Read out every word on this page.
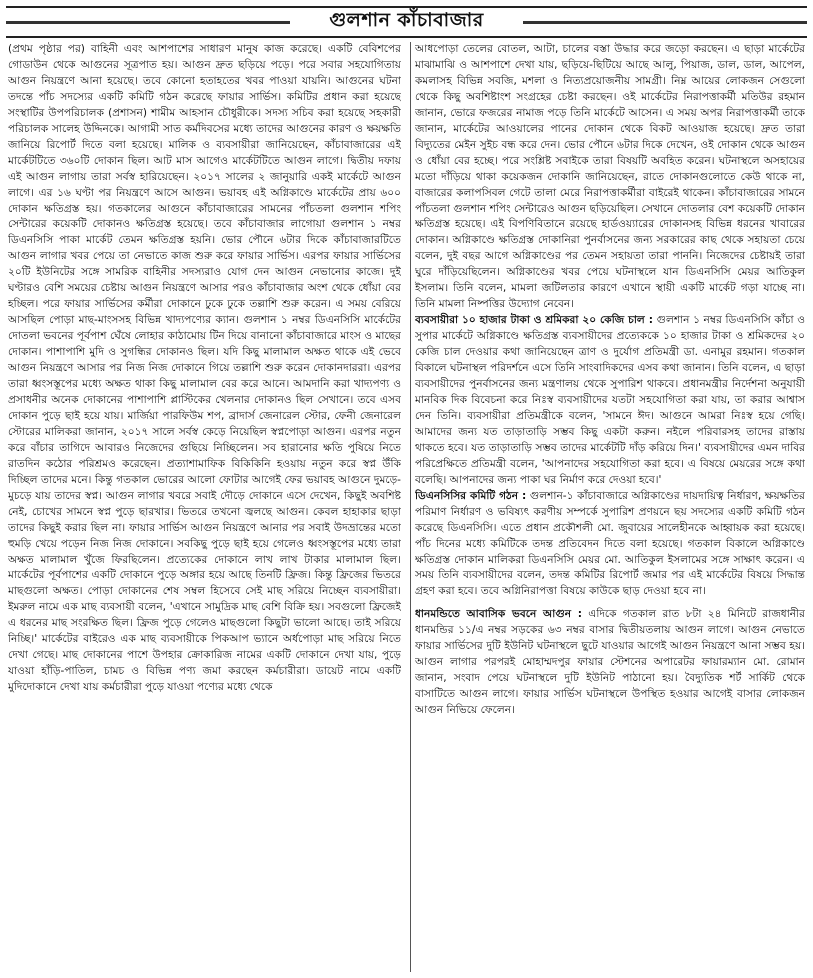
গুলশান কাঁচাবাজার

(প্রথম পৃষ্ঠার পর) বাহিনী এবং আশপাশের সাধারণ মানুষ কাজ করেছে। একটি বেবিশপের গোডাউন থেকে আগুনের সূত্রপাত হয়। আগুন দ্রুত ছড়িয়ে পড়ে। পরে সবার সহযোগিতায় আগুন নিয়ন্ত্রণে আনা হয়েছে। তবে কোনো হতাহতের খবর পাওয়া যায়নি। আগুনের ঘটনা তদন্তে পাঁচ সদস্যের একটি কমিটি গঠন করেছে ফায়ার সার্ভিস। কমিটির প্রধান করা হয়েছে সংস্থাটির উপপরিচালক (প্রশাসন) শামীম আহসান চৌধুরীকে। সদস্য সচিব করা হয়েছে সহকারী পরিচালক সালেহ উদ্দিনকে। আগামী সাত কর্মদিবসের মধ্যে তাদের আগুনের কারণ ও ক্ষয়ক্ষতি জানিয়ে রিপোর্ট দিতে বলা হয়েছে। মালিক ও ব্যবসায়ীরা জানিয়েছেন, কাঁচাবাজারের এই মার্কেটটিতে ৩৬০টি দোকান ছিল। আট মাস আগেও মার্কেটটিতে আগুন লাগে। দ্বিতীয় দফায় এই আগুন লাগায় তারা সর্বস্ব হারিয়েছেন। ২০১৭ সালের ২ জানুয়ারি একই মার্কেটে আগুন লাগে। এর ১৬ ঘণ্টা পর নিয়ন্ত্রণে আসে আগুন। ভয়াবহ এই অগ্নিকাণ্ডে মার্কেটের প্রায় ৬০০ দোকান ক্ষতিগ্রস্ত হয়। গতকালের আগুনে কাঁচাবাজারের সামনের পাঁচতলা গুলশান শপিং সেন্টারের কয়েকটি দোকানও ক্ষতিগ্রস্ত হয়েছে। তবে কাঁচাবাজার লাগোয়া গুলশান ১ নম্বর ডিএনসিসি পাকা মার্কেট তেমন ক্ষতিগ্রস্ত হয়নি। ভোর পৌনে ৬টার দিকে কাঁচাবাজারটিতে আগুন লাগার খবর পেয়ে তা নেভাতে কাজ শুরু করে ফায়ার সার্ভিস। এরপর ফায়ার সার্ভিসের ২০টি ইউনিটের সঙ্গে সামরিক বাহিনীর সদস্যরাও যোগ দেন আগুন নেভানোর কাজে। দুই ঘণ্টারও বেশি সময়ের চেষ্টায় আগুন নিয়ন্ত্রণে আসার পরও কাঁচাবাজার অংশ থেকে ধোঁয়া বের হচ্ছিল। পরে ফায়ার সার্ভিসের কর্মীরা দোকানে ঢুকে ঢুকে তল্লাশি শুরু করেন। এ সময় বেরিয়ে আসছিল পোড়া মাছ-মাংসসহ বিভিন্ন খাদ্যপণ্যের ক্যান। গুলশান ১ নম্বর ডিএনসিসি মার্কেটের দোতলা ভবনের পূর্বপাশ ঘেঁষে লোহার কাঠামোয় টিন দিয়ে বানানো কাঁচাবাজারে মাংস ও মাছের দোকান। পাশাপাশি মুদি ও সুগন্ধির দোকানও ছিল। যদি কিছু মালামাল অক্ষত থাকে এই ভেবে আগুন নিয়ন্ত্রণে আসার পর নিজ নিজ দোকানে গিয়ে তল্লাশি শুরু করেন দোকানদাররা। এরপর তারা ধ্বংসস্তূপের মধ্যে অক্ষত থাকা কিছু মালামাল বের করে আনে। আমদানি করা খাদ্যপণ্য ও প্রসাধনীর অনেক দোকানের পাশাপাশি প্লাস্টিকের খেলনার দোকানও ছিল সেখানে। তবে এসব দোকান পুড়ে ছাই হয়ে যায়। মার্জিয়া পারফিউম শপ, ব্রাদার্স জেনারেল স্টোর, ফেনী জেনারেল স্টোরের মালিকরা জানান, ২০১৭ সালে সর্বস্ব কেড়ে নিয়েছিল স্বপ্নপোড়া আগুন। এরপর নতুন করে বাঁচার তাগিদে আবারও নিজেদের গুছিয়ে নিচ্ছিলেন। সব হারানোর ক্ষতি পুষিয়ে নিতে রাতদিন কঠোর পরিশ্রমও করেছেন। প্রত্যাশামাফিক বিকিকিনি হওয়ায় নতুন করে স্বপ্ন উঁকি দিচ্ছিল তাদের মনে। কিন্তু গতকাল ভোরের আলো ফোটার আগেই ফের ভয়াবহ আগুনে দুমড়ে-মুচড়ে যায় তাদের স্বপ্ন। আগুন লাগার খবরে সবাই দৌড়ে দোকানে এসে দেখেন, কিছুই অবশিষ্ট নেই, চোখের সামনে স্বপ্ন পুড়ে ছারখার। ভিতরে তখনো জ্বলছে আগুন। কেবল হাহাকার ছাড়া তাদের কিছুই করার ছিল না। ফায়ার সার্ভিস আগুন নিয়ন্ত্রণে আনার পর সবাই উদভ্রান্তের মতো হুমড়ি খেয়ে পড়েন নিজ নিজ দোকানে। সবকিছু পুড়ে ছাই হয়ে গেলেও ধ্বংসস্তূপের মধ্যে তারা অক্ষত মালামাল খুঁজে ফিরছিলেন। প্রত্যেকের দোকানে লাখ লাখ টাকার মালামাল ছিল। মার্কেটের পূর্বপাশের একটি দোকানে পুড়ে অঙ্গার হয়ে আছে তিনটি ফ্রিজ। কিন্তু ফ্রিজের ভিতরে মাছগুলো অক্ষত। পোড়া দোকানের শেষ সম্বল হিসেবে সেই মাছ সরিয়ে নিচ্ছেন ব্যবসায়ীরা। ইমরুল নামে এক মাছ ব্যবসায়ী বলেন, 'এখানে সামুদ্রিক মাছ বেশি বিক্রি হয়। সবগুলো ফ্রিজেই এ ধরনের মাছ সংরক্ষিত ছিল। ফ্রিজ পুড়ে গেলেও মাছগুলো কিছুটা ভালো আছে। তাই সরিয়ে নিচ্ছি।' মার্কেটের বাইরেও এক মাছ ব্যবসায়ীকে পিকআপ ভ্যানে অর্ধপোড়া মাছ সরিয়ে নিতে দেখা গেছে। মাছ দোকানের পাশে উপহার ক্রোকারিজ নামের একটি দোকানে দেখা যায়, পুড়ে যাওয়া হাঁড়ি-পাতিল, চামচ ও বিভিন্ন পণ্য জমা করছেন কর্মচারীরা। ডায়েট নামে একটি মুদিদোকানে দেখা যায় কর্মচারীরা পুড়ে যাওয়া পণ্যের মধ্যে থেকে

আধপোড়া তেলের বোতল, আটা, চালের বস্তা উদ্ধার করে জড়ো করছেন। এ ছাড়া মার্কেটের মাঝামাঝি ও আশপাশে দেখা যায়, ছড়িয়ে-ছিটিয়ে আছে আলু, পিয়াজ, ডাল, ডাল, আপেল, কমলাসহ বিভিন্ন সবজি, মশলা ও নিত্যপ্রয়োজনীয় সামগ্রী। নিম্ন আয়ের লোকজন সেগুলো থেকে কিছু অবশিষ্টাংশ সংগ্রহের চেষ্টা করছেন। ওই মার্কেটের নিরাপত্তাকর্মী মতিউর রহমান জানান, ভোরে ফজরের নামাজ পড়ে তিনি মার্কেটে আসেন। এ সময় অপর নিরাপত্তাকর্মী তাকে জানান, মার্কেটের আওয়ালের পানের দোকান থেকে বিকট আওয়াজ হয়েছে। দ্রুত তারা বিদ্যুতের মেইন সুইচ বন্ধ করে দেন। ভোর পৌনে ৬টার দিকে দেখেন, ওই দোকান থেকে আগুন ও ধোঁয়া বের হচ্ছে। পরে সংশ্লিষ্ট সবাইকে তারা বিষয়টি অবহিত করেন। ঘটনাস্থলে অসহায়ের মতো দাঁড়িয়ে থাকা কয়েকজন দোকানি জানিয়েছেন, রাতে দোকানগুলোতে কেউ থাকে না, বাজারের কলাপসিবল গেটে তালা মেরে নিরাপত্তাকর্মীরা বাইরেই থাকেন। কাঁচাবাজারের সামনে পাঁচতলা গুলশান শপিং সেন্টারেও আগুন ছড়িয়েছিল। সেখানে দোতলার বেশ কয়েকটি দোকান ক্ষতিগ্রস্ত হয়েছে। এই বিপণিবিতানে রয়েছে হার্ডওয়্যারের দোকানসহ বিভিন্ন ধরনের খাবারের দোকান। অগ্নিকাণ্ডে ক্ষতিগ্রস্ত দোকানিরা পুনর্বাসনের জন্য সরকারের কাছ থেকে সহায়তা চেয়ে বলেন, দুই বছর আগে অগ্নিকাণ্ডের পর তেমন সহায়তা তারা পাননি। নিজেদের চেষ্টায়ই তারা ঘুরে দাঁড়িয়েছিলেন। অগ্নিকাণ্ডের খবর পেয়ে ঘটনাস্থলে যান ডিএনসিসি মেয়র আতিকুল ইসলাম। তিনি বলেন, মামলা জটিলতার কারণে এখানে স্থায়ী একটি মার্কেট গড়া যাচ্ছে না। তিনি মামলা নিষ্পত্তির উদ্যোগ নেবেন।

ব্যবসায়ীরা ১০ হাজার টাকা ও শ্রমিকরা ২০ কেজি চাল : গুলশান ১ নম্বর ডিএনসিসি কাঁচা ও সুপার মার্কেটে অগ্নিকাণ্ডে ক্ষতিগ্রস্ত ব্যবসায়ীদের প্রত্যেককে ১০ হাজার টাকা ও শ্রমিকদের ২০ কেজি চাল দেওয়ার কথা জানিয়েছেন ত্রাণ ও দুর্যোগ প্রতিমন্ত্রী ডা. এনামুর রহমান। গতকাল বিকালে ঘটনাস্থল পরিদর্শনে এসে তিনি সাংবাদিকদের এসব কথা জানান। তিনি বলেন, এ ছাড়া ব্যবসায়ীদের পুনর্বাসনের জন্য মন্ত্রণালয় থেকে সুপারিশ থাকবে। প্রধানমন্ত্রীর নির্দেশনা অনুযায়ী মানবিক দিক বিবেচনা করে নিঃস্ব ব্যবসায়ীদের যতটা সহযোগিতা করা যায়, তা করার আশ্বাস দেন তিনি। ব্যবসায়ীরা প্রতিমন্ত্রীকে বলেন, 'সামনে ঈদ। আগুনে আমরা নিঃস্ব হয়ে গেছি। আমাদের জন্য যত তাড়াতাড়ি সম্ভব কিছু একটা করুন। নইলে পরিবারসহ তাদের রাস্তায় থাকতে হবে। যত তাড়াতাড়ি সম্ভব তাদের মার্কেটটি দাঁড় করিয়ে দিন।' ব্যবসায়ীদের এমন দাবির পরিপ্রেক্ষিতে প্রতিমন্ত্রী বলেন, 'আপনাদের সহযোগিতা করা হবে। এ বিষয়ে মেয়রের সঙ্গে কথা বলেছি। আপনাদের জন্য পাকা ঘর নির্মাণ করে দেওয়া হবে।'

ডিএনসিসির কমিটি গঠন : গুলশান-১ কাঁচাবাজারে অগ্নিকাণ্ডের দায়দায়িত্ব নির্ধারণ, ক্ষয়ক্ষতির পরিমাণ নির্ধারণ ও ভবিষ্যৎ করণীয় সম্পর্কে সুপারিশ প্রণয়নে ছয় সদস্যের একটি কমিটি গঠন করেছে ডিএনসিসি। এতে প্রধান প্রকৌশলী মো. জুবায়ের সালেহীনকে আহ্বায়ক করা হয়েছে। পাঁচ দিনের মধ্যে কমিটিকে তদন্ত প্রতিবেদন দিতে বলা হয়েছে। গতকাল বিকালে অগ্নিকাণ্ডে ক্ষতিগ্রস্ত দোকান মালিকরা ডিএনসিসি মেয়র মো. আতিকুল ইসলামের সঙ্গে সাক্ষাৎ করেন। এ সময় তিনি ব্যবসায়ীদের বলেন, তদন্ত কমিটির রিপোর্ট জমার পর এই মার্কেটের বিষয়ে সিদ্ধান্ত গ্রহণ করা হবে। তবে অগ্নিনিরাপত্তা বিষয়ে কাউকে ছাড় দেওয়া হবে না।

ধানমন্ডিতে আবাসিক ভবনে আগুন : এদিকে গতকাল রাত ৮টা ২৪ মিনিটে রাজধানীর ধানমন্ডির ১১/এ নম্বর সড়কের ৬৩ নম্বর বাসার দ্বিতীয়তলায় আগুন লাগে। আগুন নেভাতে ফায়ার সার্ভিসের দুটি ইউনিট ঘটনাস্থলে ছুটে যাওয়ার আগেই আগুন নিয়ন্ত্রণে আনা সম্ভব হয়। আগুন লাগার পরপরই মোহাম্মদপুর ফায়ার স্টেশনের অপারেটর ফায়ারম্যান মো. রোমান জানান, সংবাদ পেয়ে ঘটনাস্থলে দুটি ইউনিট পাঠানো হয়। বৈদ্যুতিক শর্ট সার্কিট থেকে বাসাটিতে আগুন লাগে। ফায়ার সার্ভিস ঘটনাস্থলে উপস্থিত হওয়ার আগেই বাসার লোকজন আগুন নিভিয়ে ফেলেন।
